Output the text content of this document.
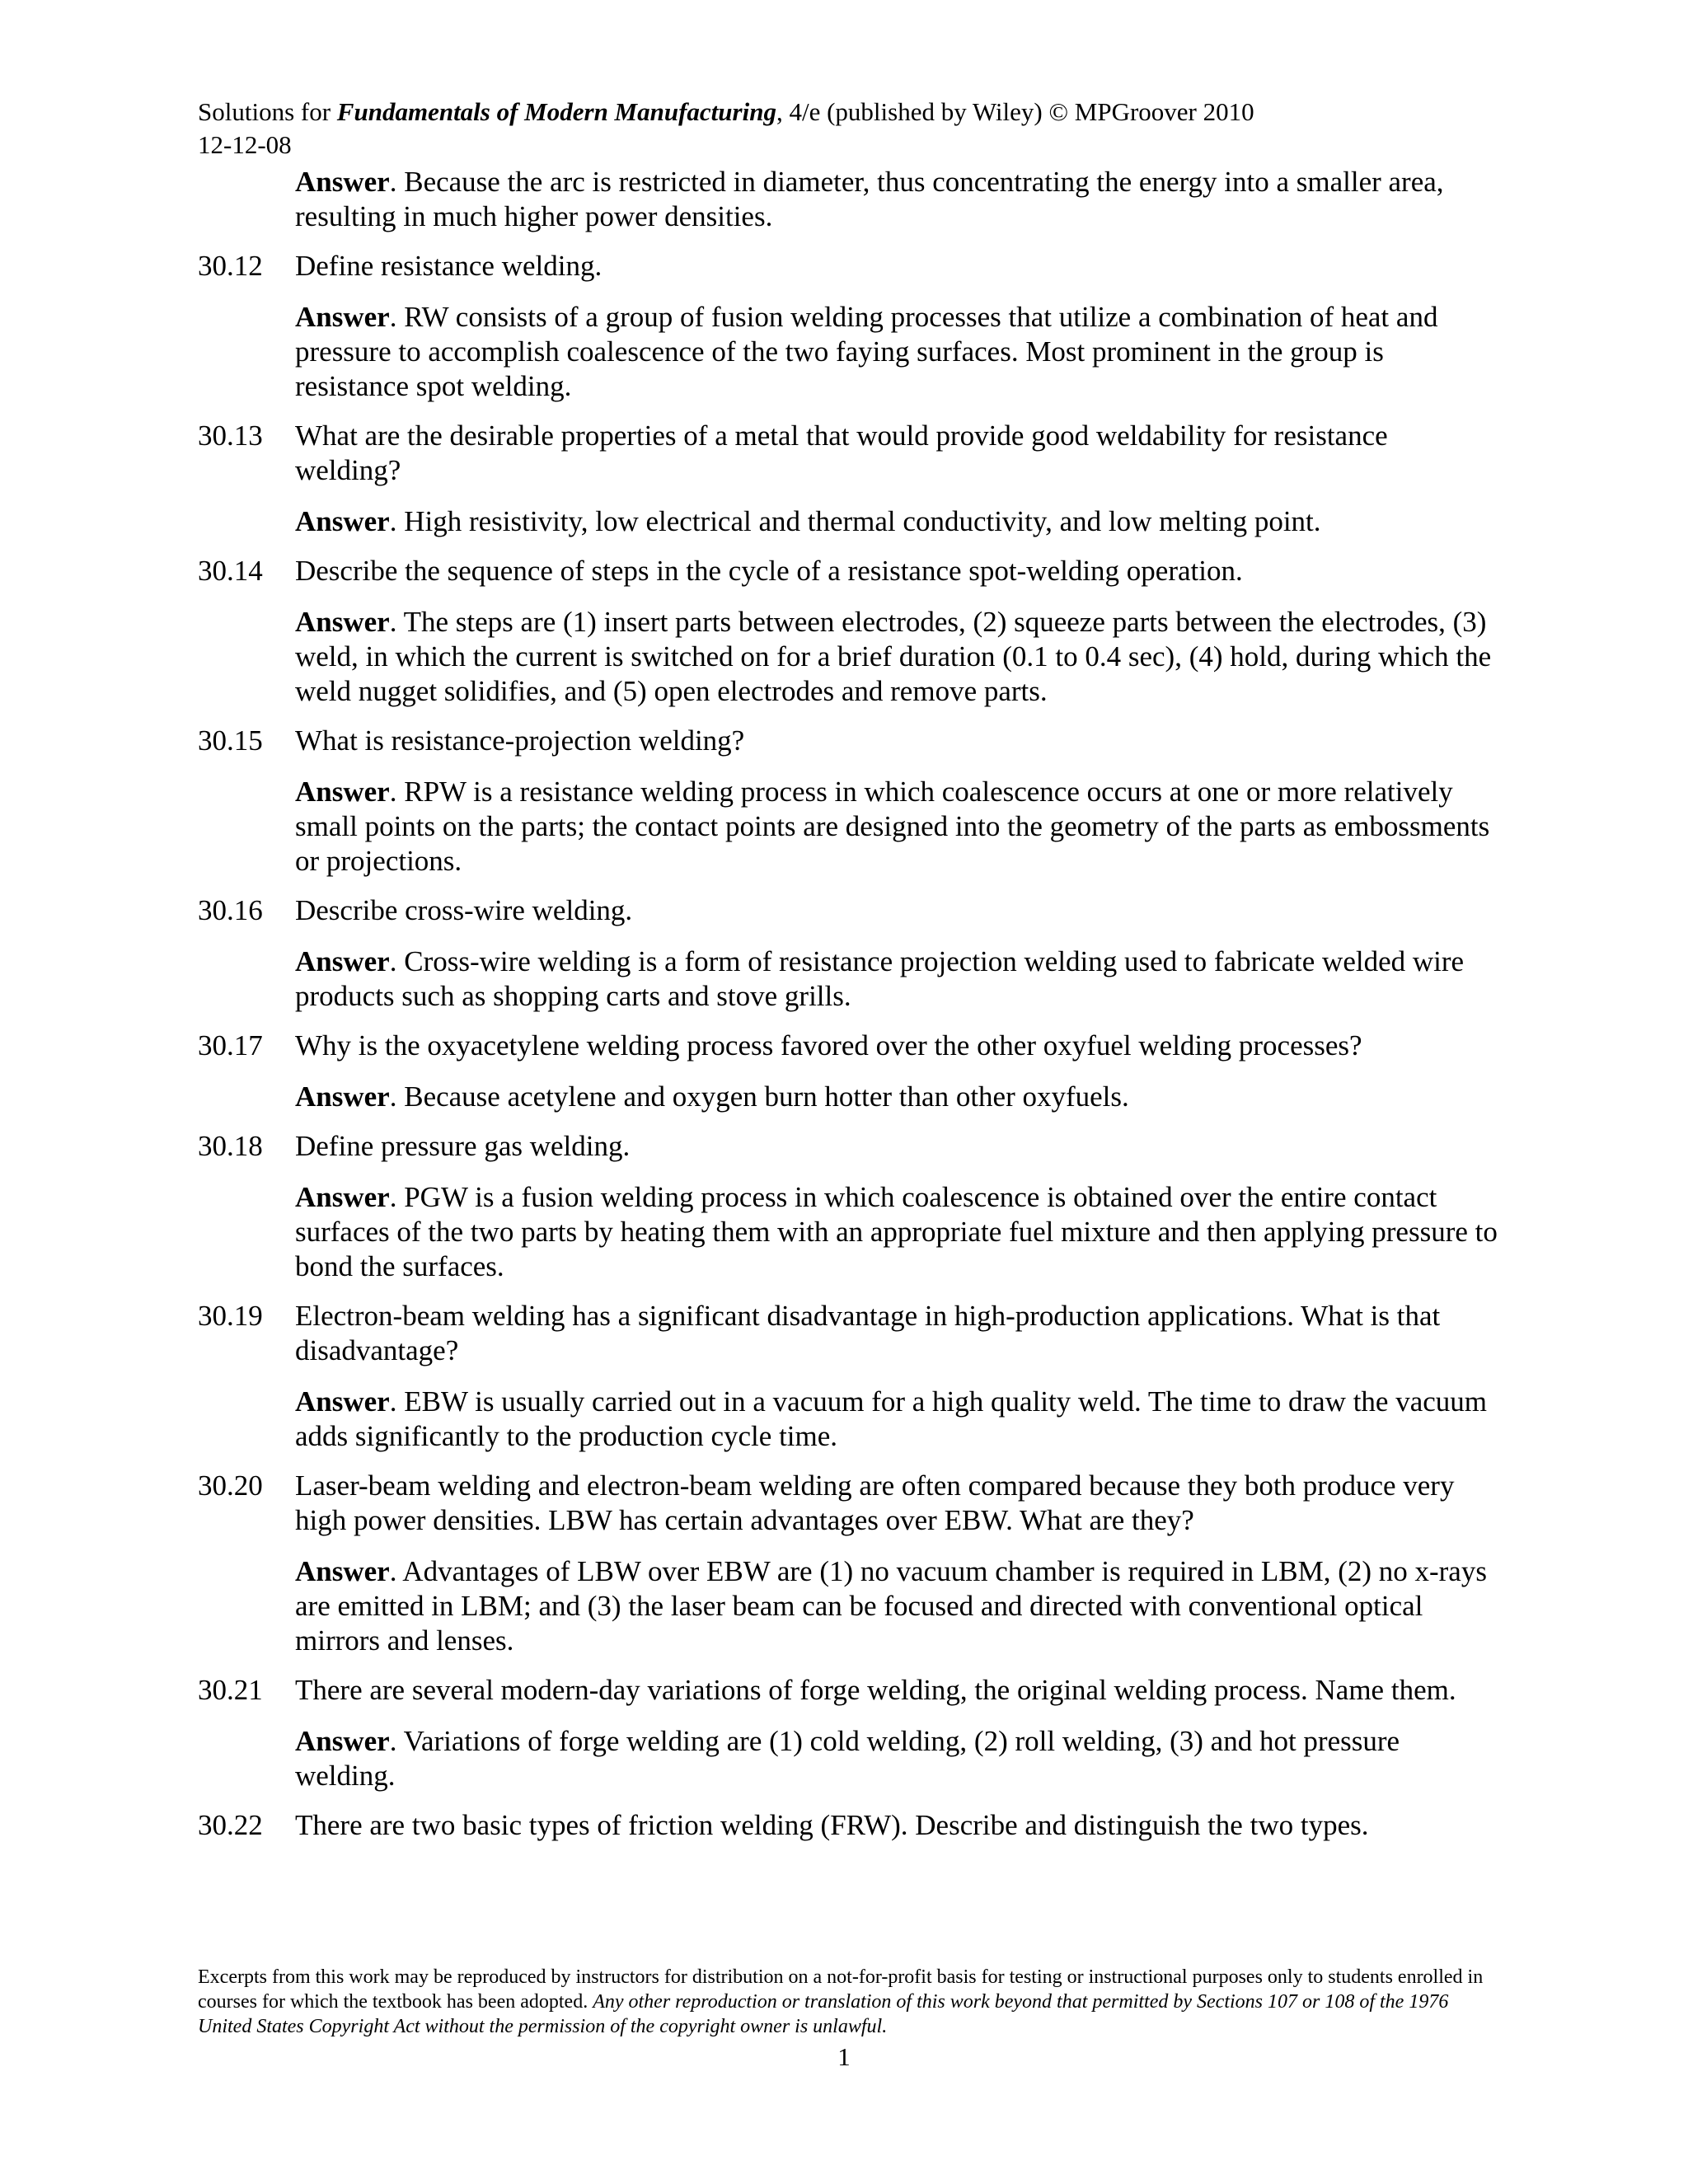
Solutions for Fundamentals of Modern Manufacturing, 4/e (published by Wiley) © MPGroover 2010
12-12-08
Answer. Because the arc is restricted in diameter, thus concentrating the energy into a smaller area, resulting in much higher power densities.
30.12	Define resistance welding.
Answer. RW consists of a group of fusion welding processes that utilize a combination of heat and pressure to accomplish coalescence of the two faying surfaces. Most prominent in the group is resistance spot welding.
30.13	What are the desirable properties of a metal that would provide good weldability for resistance welding?
Answer. High resistivity, low electrical and thermal conductivity, and low melting point.
30.14	Describe the sequence of steps in the cycle of a resistance spot-welding operation.
Answer. The steps are (1) insert parts between electrodes, (2) squeeze parts between the electrodes, (3) weld, in which the current is switched on for a brief duration (0.1 to 0.4 sec), (4) hold, during which the weld nugget solidifies, and (5) open electrodes and remove parts.
30.15	What is resistance-projection welding?
Answer. RPW is a resistance welding process in which coalescence occurs at one or more relatively small points on the parts; the contact points are designed into the geometry of the parts as embossments or projections.
30.16	Describe cross-wire welding.
Answer. Cross-wire welding is a form of resistance projection welding used to fabricate welded wire products such as shopping carts and stove grills.
30.17	Why is the oxyacetylene welding process favored over the other oxyfuel welding processes?
Answer. Because acetylene and oxygen burn hotter than other oxyfuels.
30.18	Define pressure gas welding.
Answer. PGW is a fusion welding process in which coalescence is obtained over the entire contact surfaces of the two parts by heating them with an appropriate fuel mixture and then applying pressure to bond the surfaces.
30.19	Electron-beam welding has a significant disadvantage in high-production applications. What is that disadvantage?
Answer. EBW is usually carried out in a vacuum for a high quality weld. The time to draw the vacuum adds significantly to the production cycle time.
30.20	Laser-beam welding and electron-beam welding are often compared because they both produce very high power densities. LBW has certain advantages over EBW. What are they?
Answer. Advantages of LBW over EBW are (1) no vacuum chamber is required in LBM, (2) no x-rays are emitted in LBM; and (3) the laser beam can be focused and directed with conventional optical mirrors and lenses.
30.21	There are several modern-day variations of forge welding, the original welding process. Name them.
Answer. Variations of forge welding are (1) cold welding, (2) roll welding, (3) and hot pressure welding.
30.22	There are two basic types of friction welding (FRW). Describe and distinguish the two types.
Excerpts from this work may be reproduced by instructors for distribution on a not-for-profit basis for testing or instructional purposes only to students enrolled in courses for which the textbook has been adopted. Any other reproduction or translation of this work beyond that permitted by Sections 107 or 108 of the 1976 United States Copyright Act without the permission of the copyright owner is unlawful.
1
